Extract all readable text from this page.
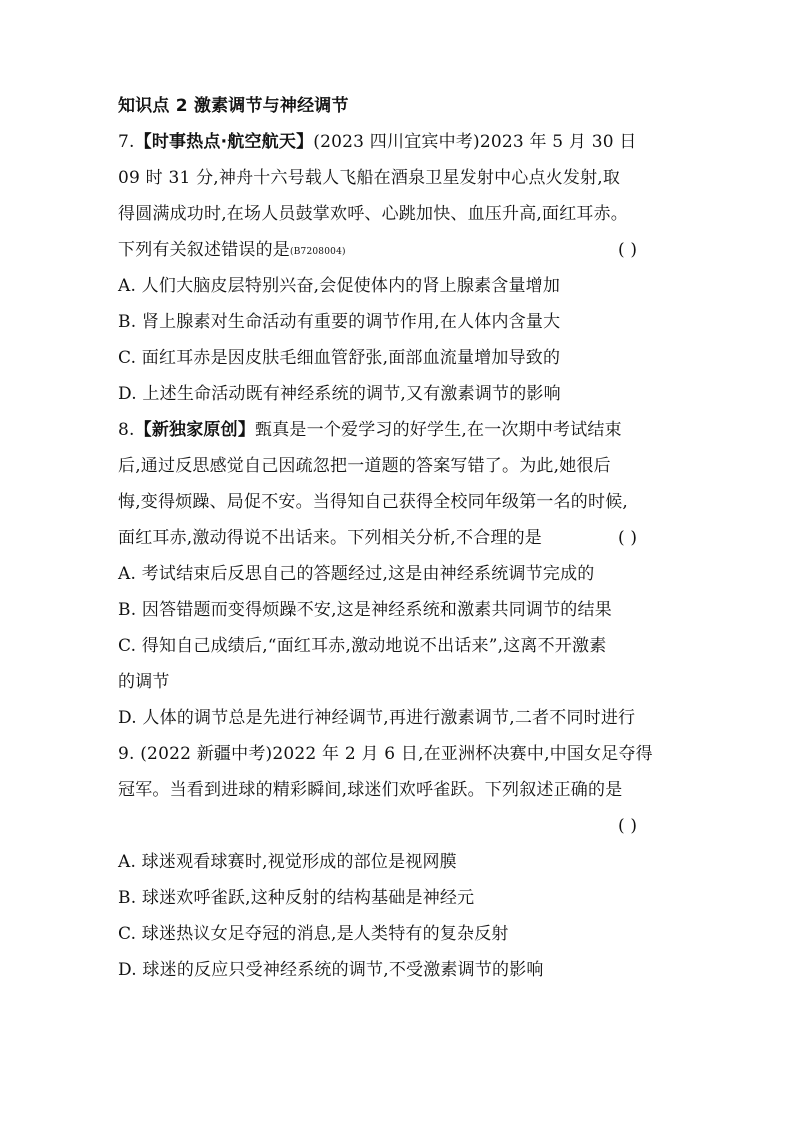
知识点 2 激素调节与神经调节
7.【时事热点·航空航天】(2023 四川宜宾中考)2023 年 5 月 30 日
09 时 31 分,神舟十六号载人飞船在酒泉卫星发射中心点火发射,取
得圆满成功时,在场人员鼓掌欢呼、心跳加快、血压升高,面红耳赤。
下列有关叙述错误的是(B7208004)	( )
A. 人们大脑皮层特别兴奋,会促使体内的肾上腺素含量增加
B. 肾上腺素对生命活动有重要的调节作用,在人体内含量大
C. 面红耳赤是因皮肤毛细血管舒张,面部血流量增加导致的
D. 上述生命活动既有神经系统的调节,又有激素调节的影响
8.【新独家原创】甄真是一个爱学习的好学生,在一次期中考试结束
后,通过反思感觉自己因疏忽把一道题的答案写错了。为此,她很后
悔,变得烦躁、局促不安。当得知自己获得全校同年级第一名的时候,
面红耳赤,激动得说不出话来。下列相关分析,不合理的是	( )
A. 考试结束后反思自己的答题经过,这是由神经系统调节完成的
B. 因答错题而变得烦躁不安,这是神经系统和激素共同调节的结果
C. 得知自己成绩后,“面红耳赤,激动地说不出话来”,这离不开激素
的调节
D. 人体的调节总是先进行神经调节,再进行激素调节,二者不同时进行
9. (2022 新疆中考)2022 年 2 月 6 日,在亚洲杯决赛中,中国女足夺得
冠军。当看到进球的精彩瞬间,球迷们欢呼雀跃。下列叙述正确的是
( )
A. 球迷观看球赛时,视觉形成的部位是视网膜
B. 球迷欢呼雀跃,这种反射的结构基础是神经元
C. 球迷热议女足夺冠的消息,是人类特有的复杂反射
D. 球迷的反应只受神经系统的调节,不受激素调节的影响
